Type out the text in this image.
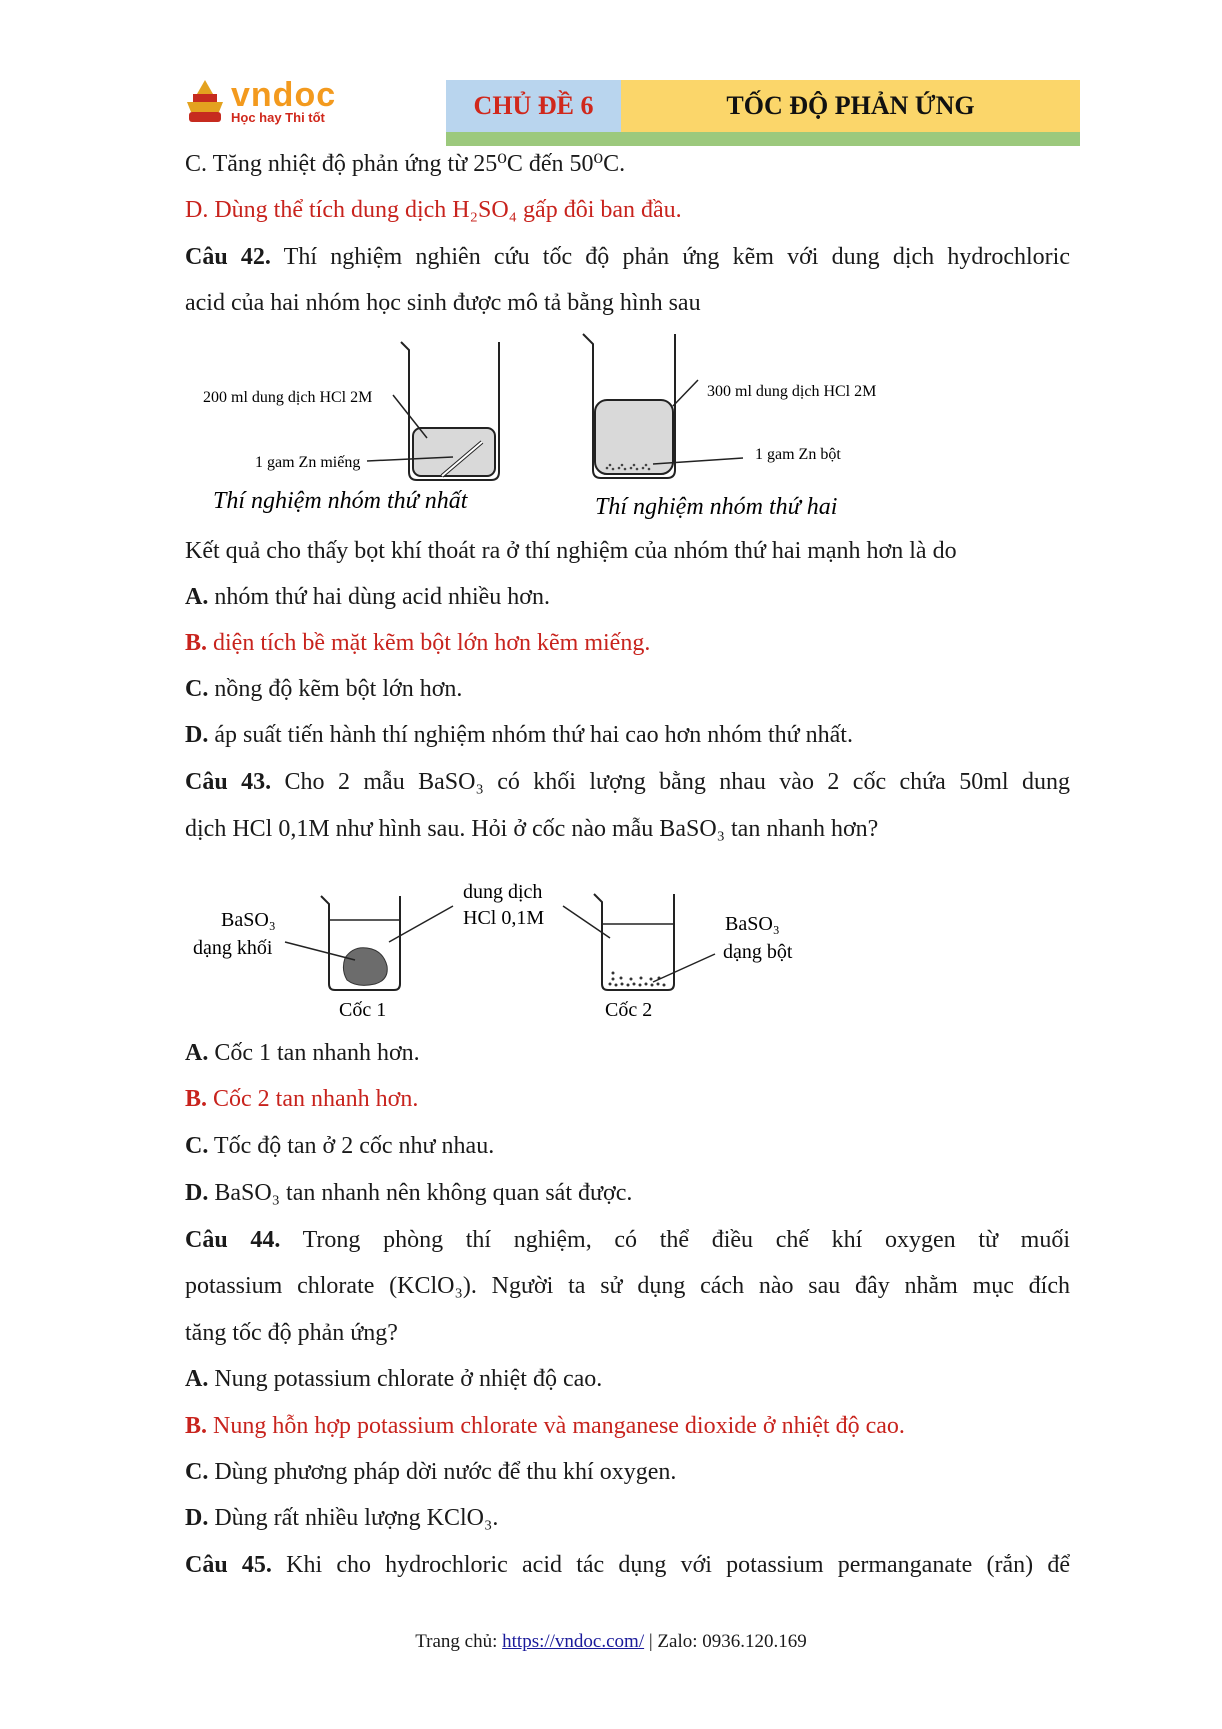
vndoc
Học hay Thi tốt	CHỦ ĐỀ 6	TỐC ĐỘ PHẢN ỨNG
C. Tăng nhiệt độ phản ứng từ 25⁰C đến 50⁰C.
D. Dùng thể tích dung dịch H₂SO₄ gấp đôi ban đầu.
Câu 42. Thí nghiệm nghiên cứu tốc độ phản ứng kẽm với dung dịch hydrochloric
acid của hai nhóm học sinh được mô tả bằng hình sau
200 ml dung dịch HCl 2M
1 gam Zn miếng
Thí nghiệm nhóm thứ nhất
300 ml dung dịch HCl 2M
1 gam Zn bột
Thí nghiệm nhóm thứ hai
Kết quả cho thấy bọt khí thoát ra ở thí nghiệm của nhóm thứ hai mạnh hơn là do
A. nhóm thứ hai dùng acid nhiều hơn.
B. diện tích bề mặt kẽm bột lớn hơn kẽm miếng.
C. nồng độ kẽm bột lớn hơn.
D. áp suất tiến hành thí nghiệm nhóm thứ hai cao hơn nhóm thứ nhất.
Câu 43. Cho 2 mẫu BaSO₃ có khối lượng bằng nhau vào 2 cốc chứa 50ml dung
dịch HCl 0,1M như hình sau. Hỏi ở cốc nào mẫu BaSO₃ tan nhanh hơn?
BaSO₃
dạng khối
Cốc 1
dung dịch
HCl 0,1M	BaSO₃
dạng bột
Cốc 2
A. Cốc 1 tan nhanh hơn.
B. Cốc 2 tan nhanh hơn.
C. Tốc độ tan ở 2 cốc như nhau.
D. BaSO₃ tan nhanh nên không quan sát được.
Câu 44. Trong phòng thí nghiệm, có thể điều chế khí oxygen từ muối
potassium chlorate (KClO₃). Người ta sử dụng cách nào sau đây nhằm mục đích
tăng tốc độ phản ứng?
A. Nung potassium chlorate ở nhiệt độ cao.
B. Nung hỗn hợp potassium chlorate và manganese dioxide ở nhiệt độ cao.
C. Dùng phương pháp dời nước để thu khí oxygen.
D. Dùng rất nhiều lượng KClO₃.
Câu 45. Khi cho hydrochloric acid tác dụng với potassium permanganate (rắn) để
Trang chủ: https://vndoc.com/ | Zalo: 0936.120.169
